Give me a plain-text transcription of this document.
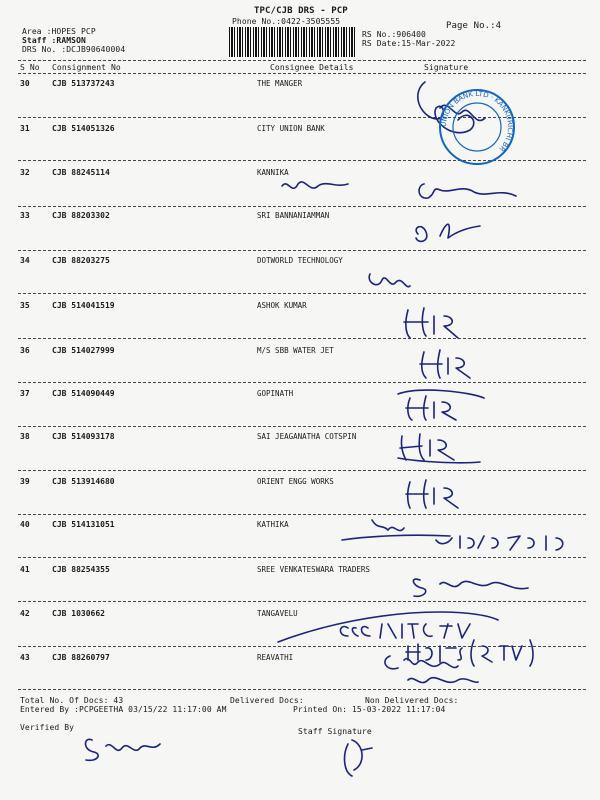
TPC/CJB DRS - PCP
Phone No.:0422-3505555
Area :HOPES PCP
Staff :RAMSON
DRS No. :DCJB90640004
RS No.:906400
RS Date:15-Mar-2022
Page No.:4
S No Consignment No	Consignee Details	Signature
30	CJB 513737243	THE MANGER
31	CJB 514051326	CITY UNION BANK
32	CJB 88245114	KANNIKA
33	CJB 88203302	SRI BANNANIAMMAN
34	CJB 88203275	DOTWORLD TECHNOLOGY
35	CJB 514041519	ASHOK KUMAR
36	CJB 514027999	M/S SBB WATER JET
37	CJB 514090449	GOPINATH
38	CJB 514093178	SAI JEAGANATHA COTSPIN
39	CJB 513914680	ORIENT ENGG WORKS
40	CJB 514131051	KATHIKA
41	CJB 88254355	SREE VENKATESWARA TRADERS
42	CJB 1030662	TANGAVELU
43	CJB 88260797	REAVATHI
Total No. Of Docs: 43	Delivered Docs:	Non Delivered Docs:
Entered By :PCPGEETHA 03/15/22 11:17:00 AM	Printed On: 15-03-2022 11:17:04
Verified By	Staff Signature
UNION BANK LTD · KANKURICHI BR
